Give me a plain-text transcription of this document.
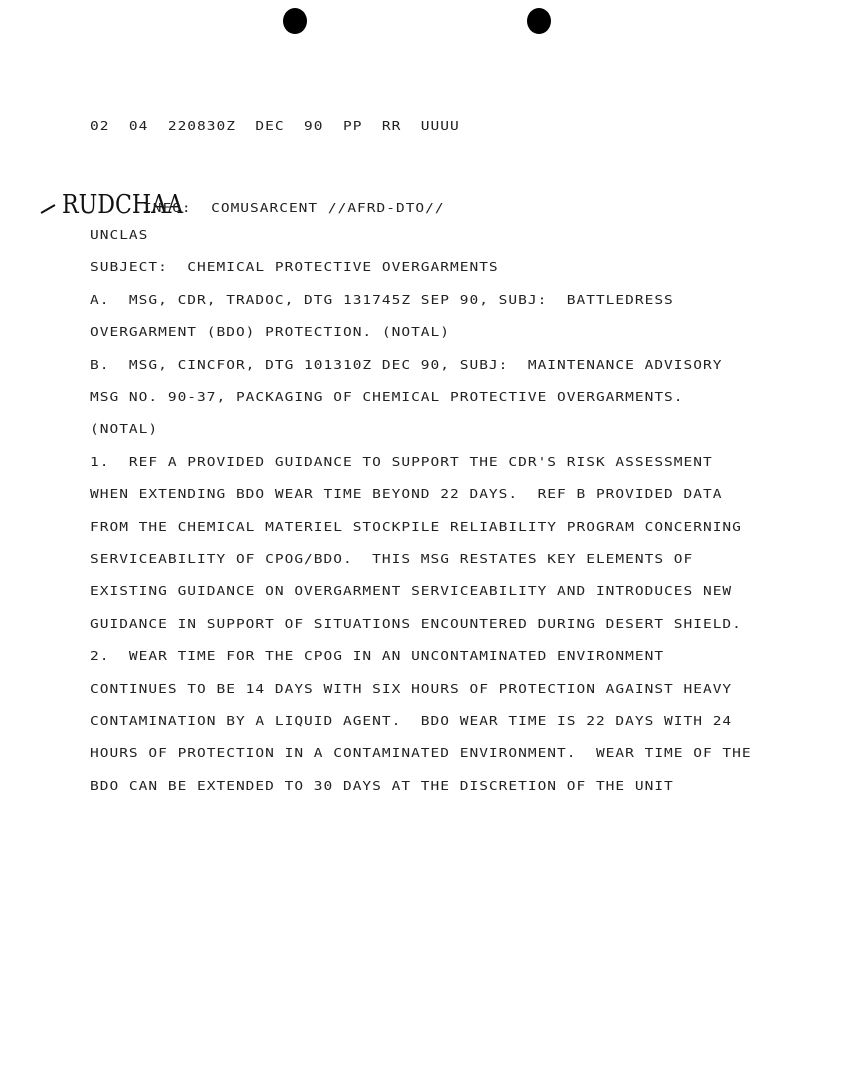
02  04  220830Z  DEC  90  PP  RR  UUUU
RUDCHAA
INFO:  COMUSARCENT //AFRD-DTO//
UNCLAS
SUBJECT:  CHEMICAL PROTECTIVE OVERGARMENTS
A.  MSG, CDR, TRADOC, DTG 131745Z SEP 90, SUBJ:  BATTLEDRESS
OVERGARMENT (BDO) PROTECTION. (NOTAL)
B.  MSG, CINCFOR, DTG 101310Z DEC 90, SUBJ:  MAINTENANCE ADVISORY
MSG NO. 90-37, PACKAGING OF CHEMICAL PROTECTIVE OVERGARMENTS.
(NOTAL)
1.  REF A PROVIDED GUIDANCE TO SUPPORT THE CDR'S RISK ASSESSMENT
WHEN EXTENDING BDO WEAR TIME BEYOND 22 DAYS.  REF B PROVIDED DATA
FROM THE CHEMICAL MATERIEL STOCKPILE RELIABILITY PROGRAM CONCERNING
SERVICEABILITY OF CPOG/BDO.  THIS MSG RESTATES KEY ELEMENTS OF
EXISTING GUIDANCE ON OVERGARMENT SERVICEABILITY AND INTRODUCES NEW
GUIDANCE IN SUPPORT OF SITUATIONS ENCOUNTERED DURING DESERT SHIELD.
2.  WEAR TIME FOR THE CPOG IN AN UNCONTAMINATED ENVIRONMENT
CONTINUES TO BE 14 DAYS WITH SIX HOURS OF PROTECTION AGAINST HEAVY
CONTAMINATION BY A LIQUID AGENT.  BDO WEAR TIME IS 22 DAYS WITH 24
HOURS OF PROTECTION IN A CONTAMINATED ENVIRONMENT.  WEAR TIME OF THE
BDO CAN BE EXTENDED TO 30 DAYS AT THE DISCRETION OF THE UNIT
